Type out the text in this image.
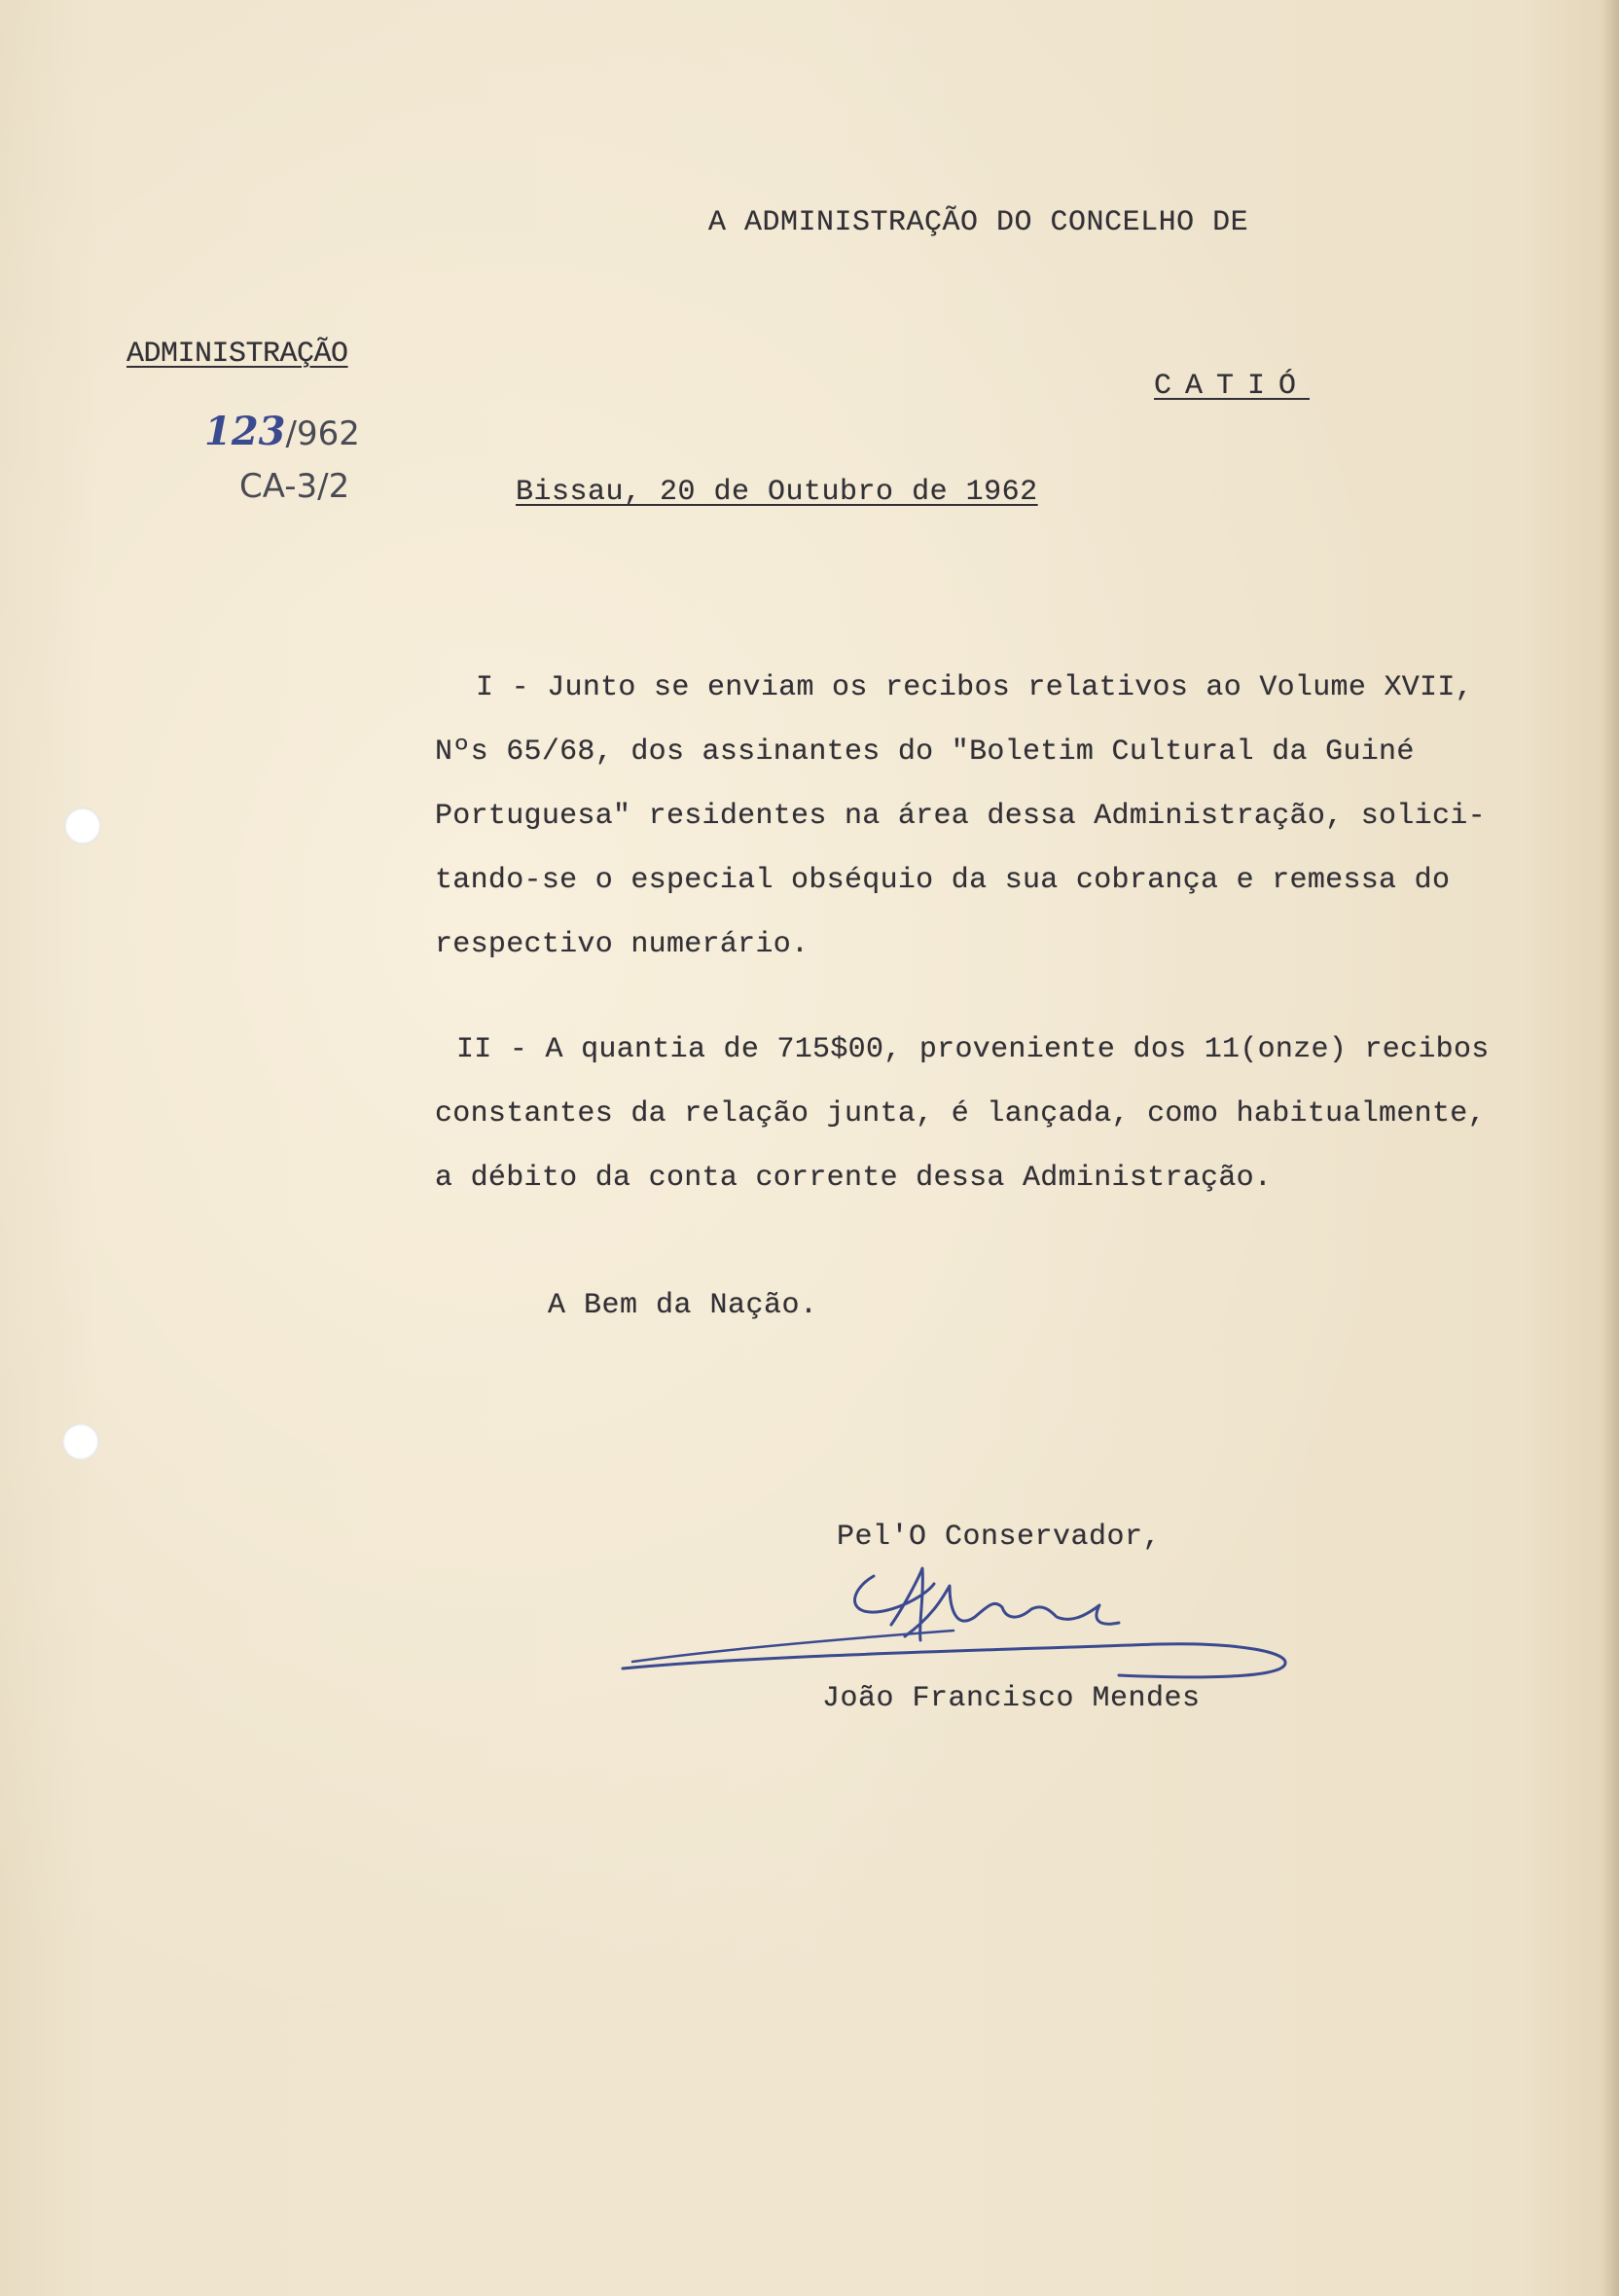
A ADMINISTRAÇÃO DO CONCELHO DE
CATIÓ
ADMINISTRAÇÃO
123/962
CA-3/2	Bissau, 20 de Outubro de 1962
I - Junto se enviam os recibos relativos ao Volume XVII,
Nºs 65/68, dos assinantes do "Boletim Cultural da Guiné
Portuguesa" residentes na área dessa Administração, solici-
tando-se o especial obséquio da sua cobrança e remessa do
respectivo numerário.
II - A quantia de 715$00, proveniente dos 11(onze) recibos
constantes da relação junta, é lançada, como habitualmente,
a débito da conta corrente dessa Administração.
A Bem da Nação.
Pel'O Conservador,
João Francisco Mendes
